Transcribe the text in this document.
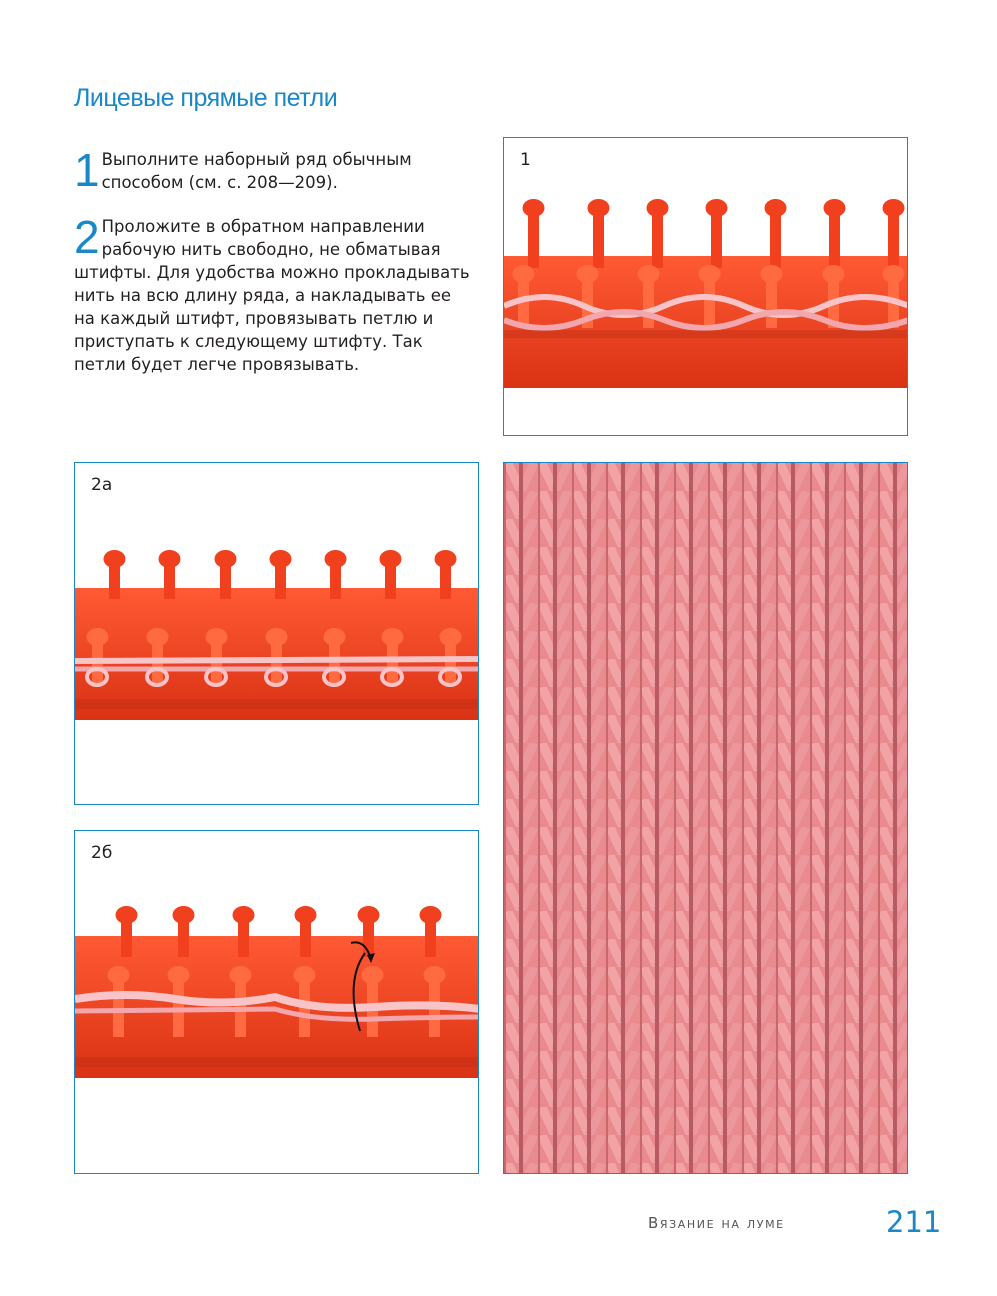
Лицевые прямые петли
1 Выполните наборный ряд обычным способом (см. с. 208—209).
2 Проложите в обратном направлении рабочую нить свободно, не обматывая штифты. Для удобства можно прокладывать нить на всю длину ряда, а накладывать ее на каждый штифт, провязывать петлю и приступать к следующему штифту. Так петли будет легче провязывать.
1
2а
2б
Вязание на луме	211
